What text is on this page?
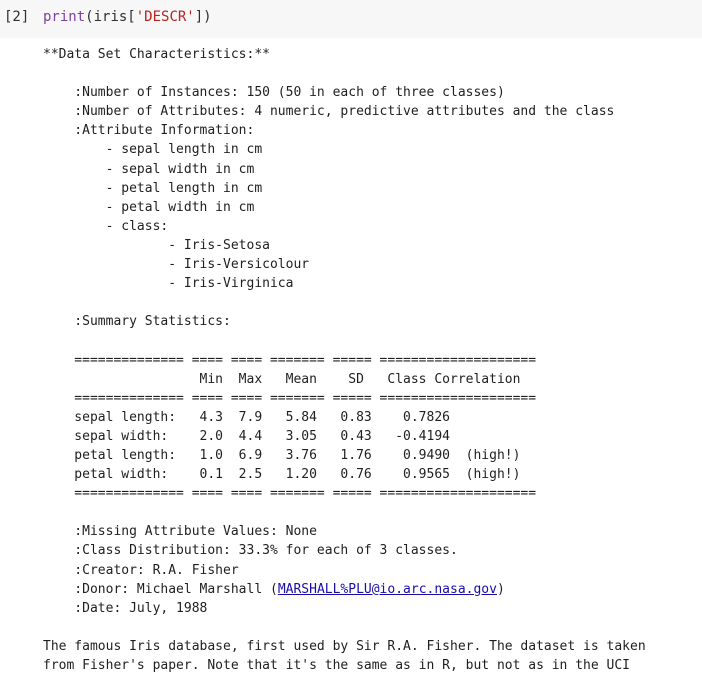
[2] print(iris['DESCR'])
**Data Set Characteristics:**

:Number of Instances: 150 (50 in each of three classes)
:Number of Attributes: 4 numeric, predictive attributes and the class
:Attribute Information:
- sepal length in cm
- sepal width in cm
- petal length in cm
- petal width in cm
- class:
- Iris-Setosa
- Iris-Versicolour
- Iris-Virginica

:Summary Statistics:

============== ==== ==== ======= ===== ====================
Min  Max   Mean    SD   Class Correlation
============== ==== ==== ======= ===== ====================
sepal length:   4.3  7.9   5.84   0.83    0.7826
sepal width:    2.0  4.4   3.05   0.43   -0.4194
petal length:   1.0  6.9   3.76   1.76    0.9490  (high!)
petal width:    0.1  2.5   1.20   0.76    0.9565  (high!)
============== ==== ==== ======= ===== ====================

:Missing Attribute Values: None
:Class Distribution: 33.3% for each of 3 classes.
:Creator: R.A. Fisher
:Donor: Michael Marshall (MARSHALL%PLU@io.arc.nasa.gov)
:Date: July, 1988

The famous Iris database, first used by Sir R.A. Fisher. The dataset is taken
from Fisher's paper. Note that it's the same as in R, but not as in the UCI
